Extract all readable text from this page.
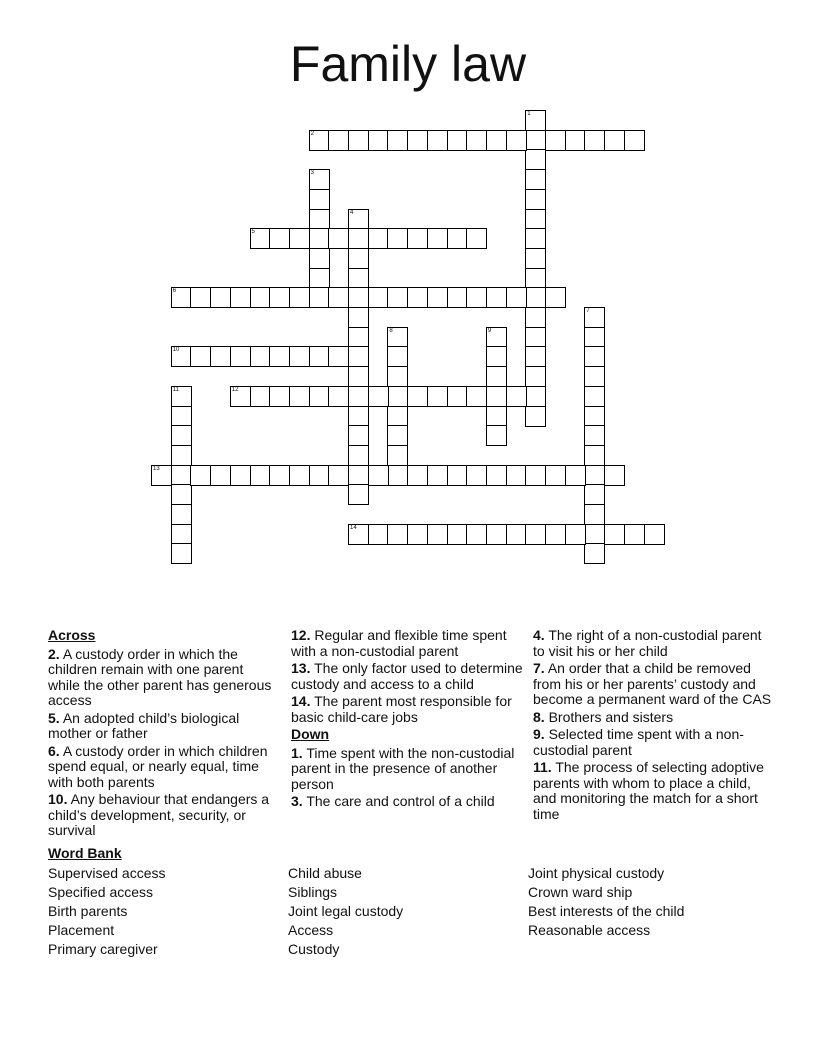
Family law
1
2
3
4
5
6
7
8	9
10
11	12
13
14
Across
2. A custody order in which the children remain with one parent while the other parent has generous access
5. An adopted child’s biological mother or father
6. A custody order in which children spend equal, or nearly equal, time with both parents
10. Any behaviour that endangers a child’s development, security, or survival
12. Regular and flexible time spent with a non-custodial parent
13. The only factor used to determine custody and access to a child
14. The parent most responsible for basic child-care jobs
Down
1. Time spent with the non-custodial parent in the presence of another person
3. The care and control of a child
4. The right of a non-custodial parent to visit his or her child
7. An order that a child be removed from his or her parents’ custody and become a permanent ward of the CAS
8. Brothers and sisters
9. Selected time spent with a non-custodial parent
11. The process of selecting adoptive parents with whom to place a child, and monitoring the match for a short time
Word Bank
Supervised access
Specified access
Birth parents
Placement
Primary caregiver
Child abuse
Siblings
Joint legal custody
Access
Custody
Joint physical custody
Crown ward ship
Best interests of the child
Reasonable access
